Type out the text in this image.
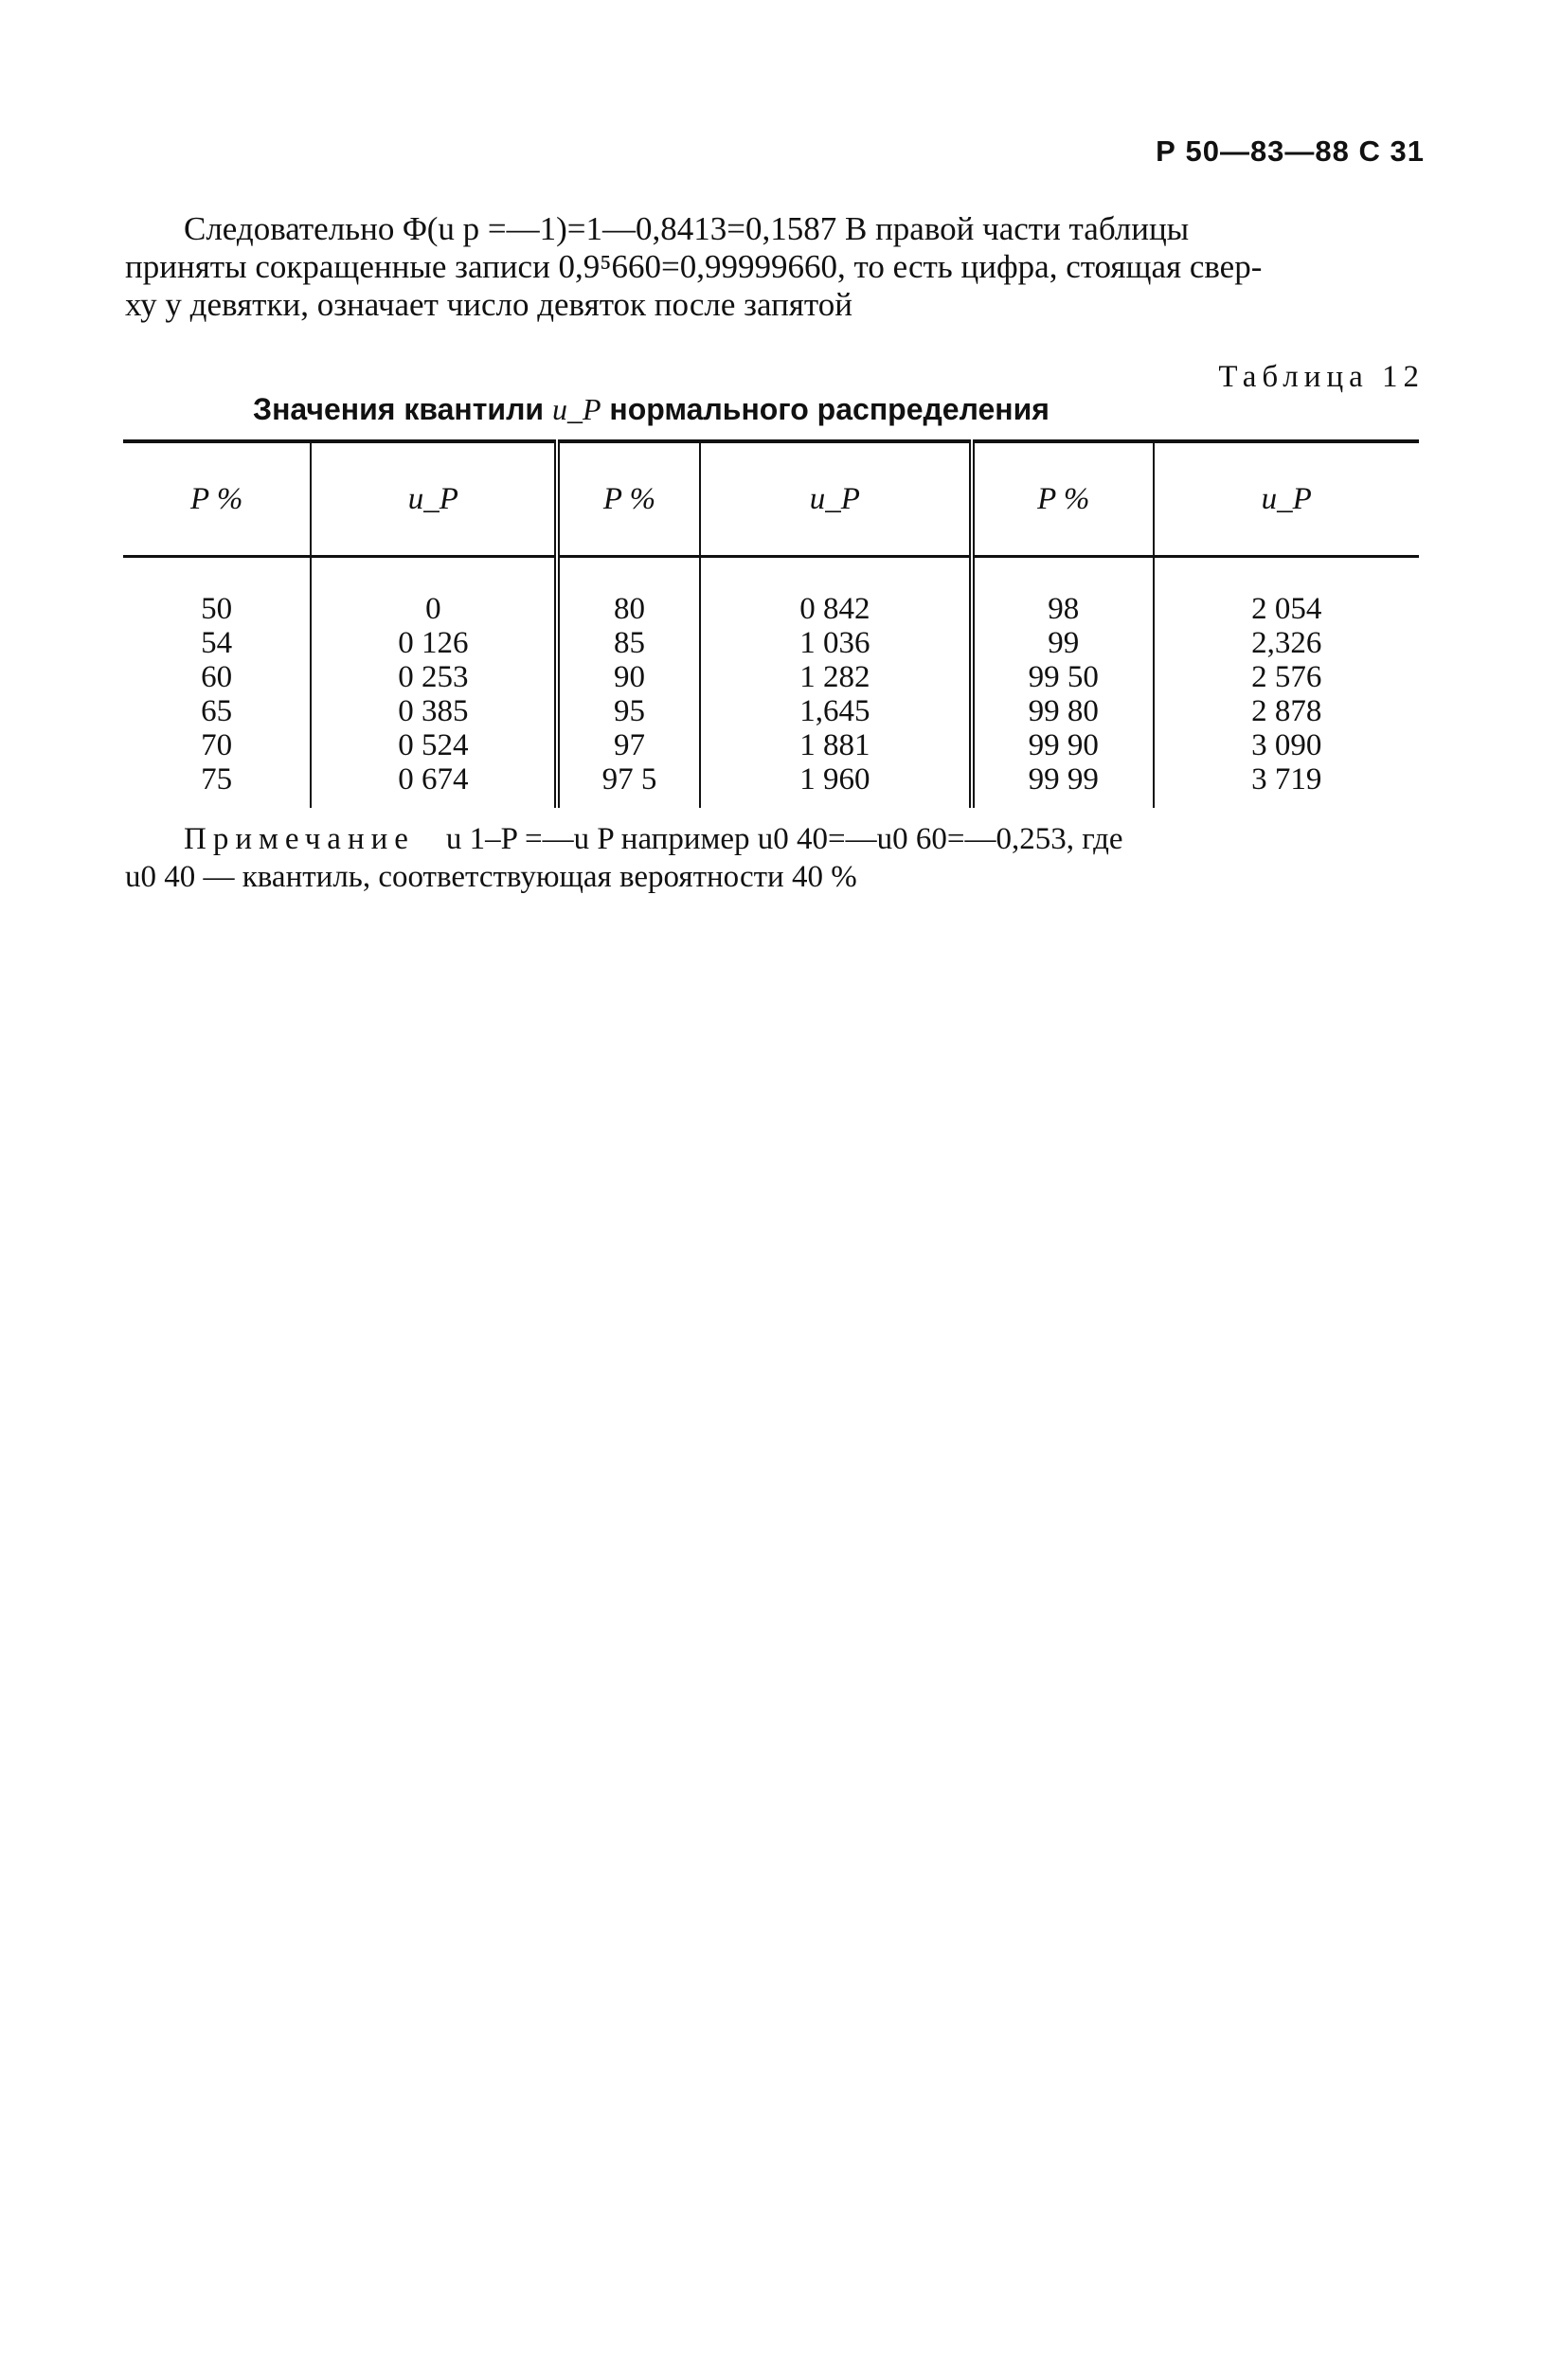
Р 50—83—88 С 31

Следовательно Φ(u p =—1)=1—0,8413=0,1587 В правой части таблицы

приняты сокращенные записи 0,9⁵660=0,99999660, то есть цифра, стоящая свер-

ху у девятки, означает число девяток после запятой

Таблица 12
Значения квантили u_P нормального распределения
P %	u_P	P %	u_P	P %	u_P
50	0	80	0 842	98	2 054
54	0 126	85	1 036	99	2,326
60	0 253	90	1 282	99 50	2 576
65	0 385	95	1,645	99 80	2 878
70	0 524	97	1 881	99 90	3 090
75	0 674	97 5	1 960	99 99	3 719

Примечание u 1–P =—u P например u0 40=—u0 60=—0,253, где

u0 40 — квантиль, соответствующая вероятности 40 %
